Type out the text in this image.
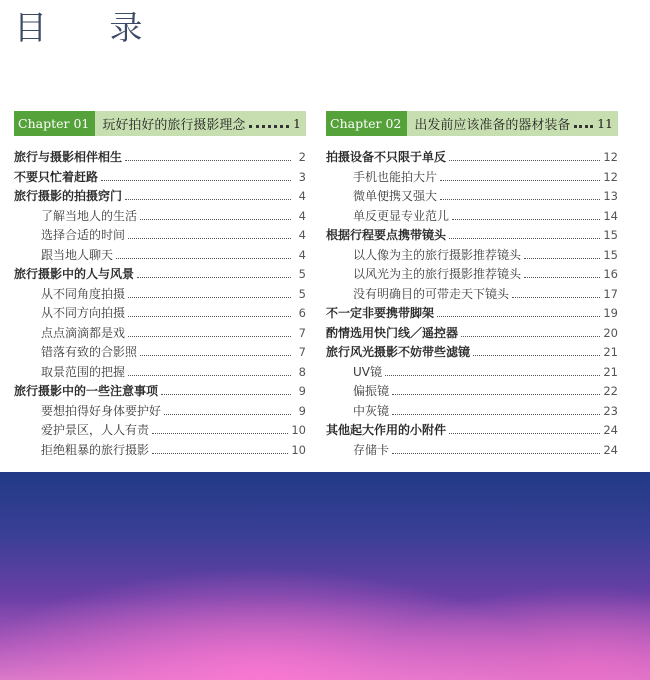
目 录
Chapter 01	玩好拍好的旅行摄影理念	1
旅行与摄影相伴相生	2
不要只忙着赶路	3
旅行摄影的拍摄窍门	4
了解当地人的生活	4
选择合适的时间	4
跟当地人聊天	4
旅行摄影中的人与风景	5
从不同角度拍摄	5
从不同方向拍摄	6
点点滴滴都是戏	7
错落有致的合影照	7
取景范围的把握	8
旅行摄影中的一些注意事项	9
要想拍得好身体要护好	9
爱护景区，人人有责	10
拒绝粗暴的旅行摄影	10
Chapter 02	出发前应该准备的器材装备 11
拍摄设备不只限于单反	12
手机也能拍大片	12
微单便携又强大	13
单反更显专业范儿	14
根据行程要点携带镜头	15
以人像为主的旅行摄影推荐镜头	15
以风光为主的旅行摄影推荐镜头	16
没有明确目的可带走天下镜头	17
不一定非要携带脚架	19
酌情选用快门线／遥控器	20
旅行风光摄影不妨带些滤镜	21
UV镜	21
偏振镜	22
中灰镜	23
其他起大作用的小附件	24
存储卡	24
